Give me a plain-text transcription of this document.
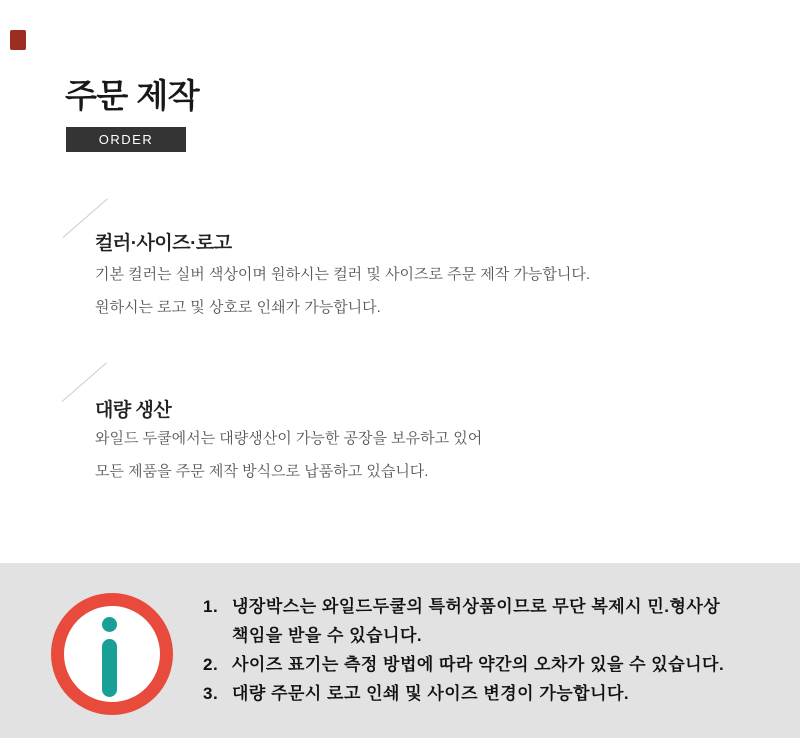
주문 제작
ORDER
컬러·사이즈·로고
기본 컬러는 실버 색상이며 원하시는 컬러 및 사이즈로 주문 제작 가능합니다.
원하시는 로고 및 상호로 인쇄가 가능합니다.
대량 생산
와일드 두쿨에서는 대량생산이 가능한 공장을 보유하고 있어
모든 제품을 주문 제작 방식으로 납품하고 있습니다.
1. 냉장박스는 와일드두쿨의 특허상품이므로 무단 복제시 민.형사상
책임을 받을 수 있습니다.
2. 사이즈 표기는 측정 방법에 따라 약간의 오차가 있을 수 있습니다.
3. 대량 주문시 로고 인쇄 및 사이즈 변경이 가능합니다.
